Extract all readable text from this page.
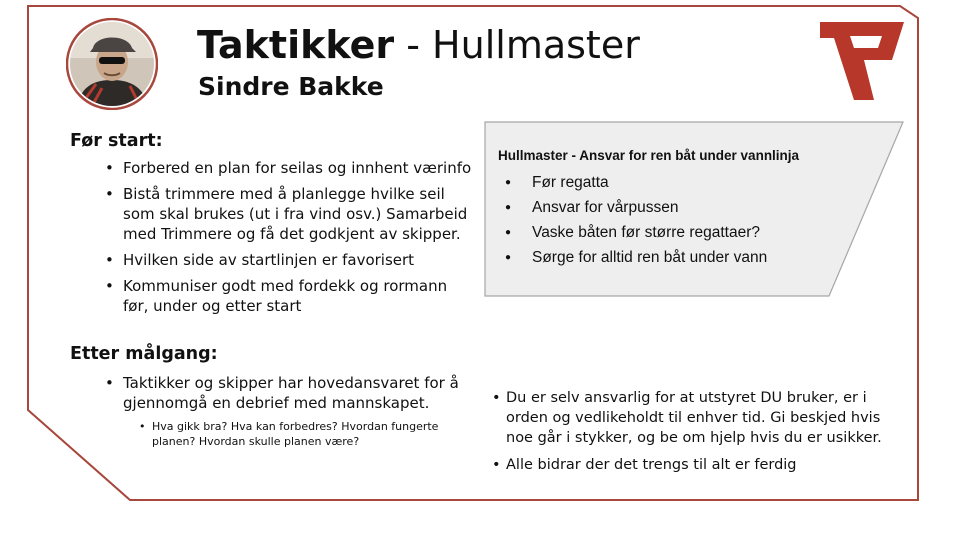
Taktikker - Hullmaster
Sindre Bakke
Før start:
• Forbered en plan for seilas og innhent værinfo
• Bistå trimmere med å planlegge hvilke seil som skal brukes (ut i fra vind osv.) Samarbeid med Trimmere og få det godkjent av skipper.
• Hvilken side av startlinjen er favorisert
• Kommuniser godt med fordekk og rormann før, under og etter start
Etter målgang:
• Taktikker og skipper har hovedansvaret for å gjennomgå en debrief med mannskapet.
• Hva gikk bra? Hva kan forbedres? Hvordan fungerte planen? Hvordan skulle planen være?

Hullmaster - Ansvar for ren båt under vannlinja

● Før regatta
● Ansvar for vårpussen
● Vaske båten før større regattaer?
● Sørge for alltid ren båt under vann
• Du er selv ansvarlig for at utstyret DU bruker, er i orden og vedlikeholdt til enhver tid. Gi beskjed hvis noe går i stykker, og be om hjelp hvis du er usikker.
• Alle bidrar der det trengs til alt er ferdig
